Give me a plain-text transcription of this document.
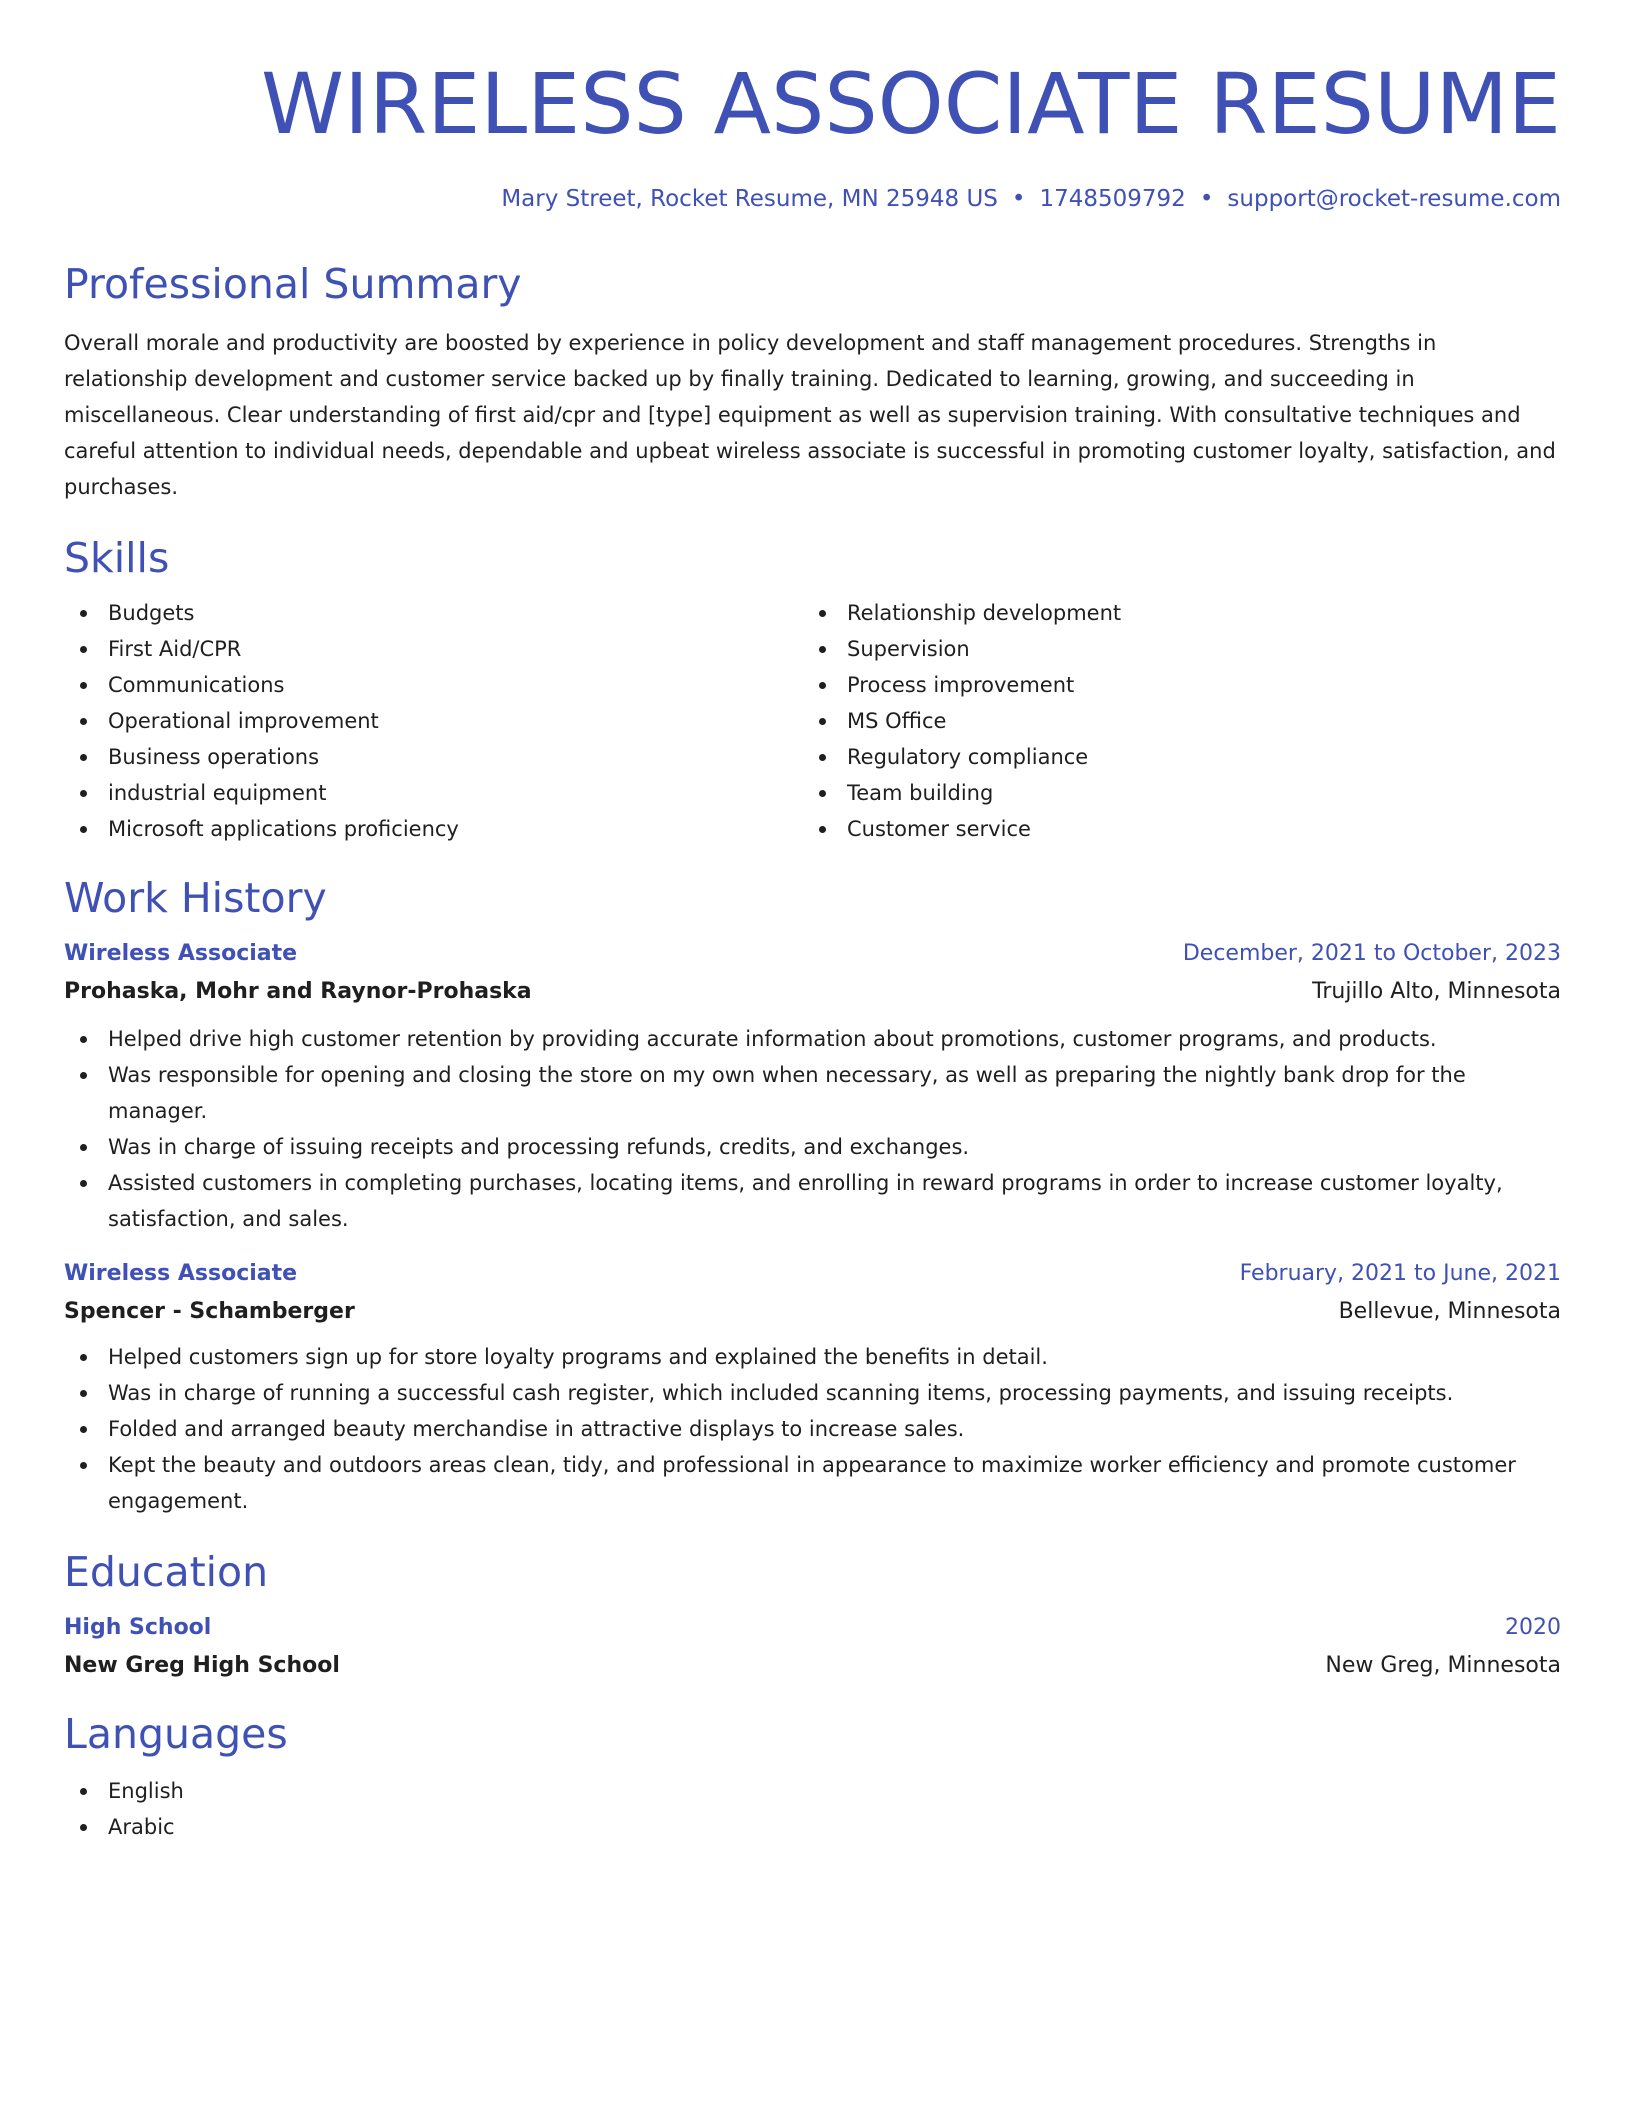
WIRELESS ASSOCIATE RESUME
Mary Street, Rocket Resume, MN 25948 US • 1748509792 • support@rocket-resume.com
Professional Summary

Overall morale and productivity are boosted by experience in policy development and staff management procedures. Strengths in relationship development and customer service backed up by finally training. Dedicated to learning, growing, and succeeding in miscellaneous. Clear understanding of first aid/cpr and [type] equipment as well as supervision training. With consultative techniques and careful attention to individual needs, dependable and upbeat wireless associate is successful in promoting customer loyalty, satisfaction, and purchases.

Skills
Budgets
First Aid/CPR
Communications
Operational improvement
Business operations
industrial equipment
Microsoft applications proficiency
Relationship development
Supervision
Process improvement
MS Office
Regulatory compliance
Team building
Customer service
Work History
Wireless Associate	December, 2021 to October, 2023
Prohaska, Mohr and Raynor-Prohaska	Trujillo Alto, Minnesota
Helped drive high customer retention by providing accurate information about promotions, customer programs, and products.
Was responsible for opening and closing the store on my own when necessary, as well as preparing the nightly bank drop for the manager.
Was in charge of issuing receipts and processing refunds, credits, and exchanges.
Assisted customers in completing purchases, locating items, and enrolling in reward programs in order to increase customer loyalty, satisfaction, and sales.
Wireless Associate	February, 2021 to June, 2021
Spencer - Schamberger	Bellevue, Minnesota
Helped customers sign up for store loyalty programs and explained the benefits in detail.
Was in charge of running a successful cash register, which included scanning items, processing payments, and issuing receipts.
Folded and arranged beauty merchandise in attractive displays to increase sales.
Kept the beauty and outdoors areas clean, tidy, and professional in appearance to maximize worker efficiency and promote customer engagement.
Education
High School	2020
New Greg High School	New Greg, Minnesota
Languages
English
Arabic
